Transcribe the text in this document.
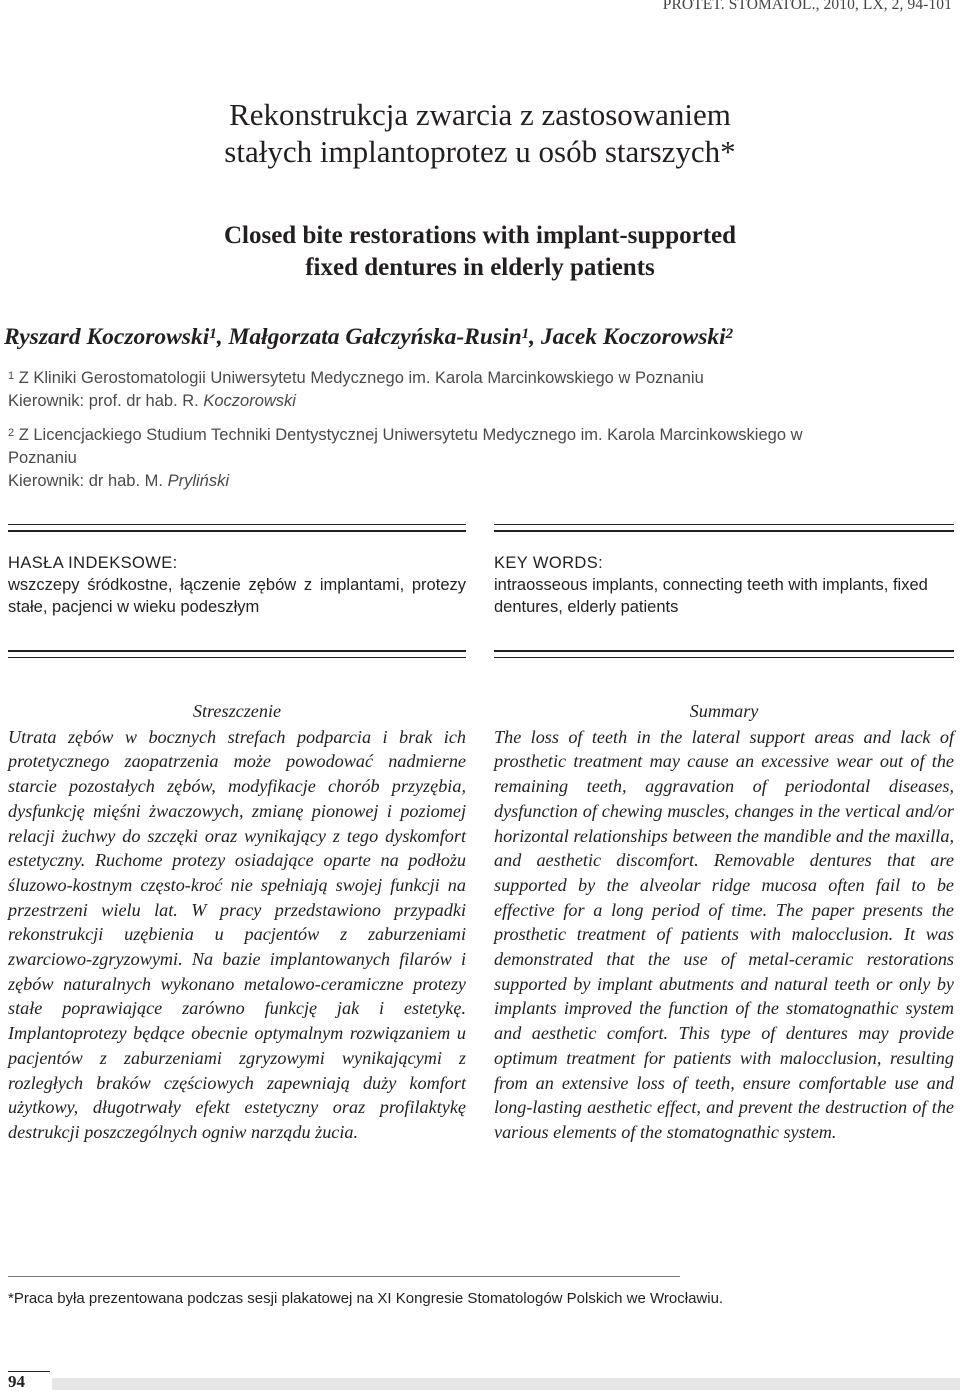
PROTET. STOMATOL., 2010, LX, 2, 94-101
Rekonstrukcja zwarcia z zastosowaniem
stałych implantoprotez u osób starszych*
Closed bite restorations with implant-supported
fixed dentures in elderly patients
Ryszard Koczorowski$^1$, Małgorzata Gałczyńska-Rusin$^1$, Jacek Koczorowski$^2$
$^1$ Z Kliniki Gerostomatologii Uniwersytetu Medycznego im. Karola Marcinkowskiego w Poznaniu
Kierownik: prof. dr hab. R. Koczorowski
$^2$ Z Licencjackiego Studium Techniki Dentystycznej Uniwersytetu Medycznego im. Karola Marcinkowskiego w
Poznaniu
Kierownik: dr hab. M. Pryliński
HASŁA INDEKSOWE:
wszczepy śródkostne, łączenie zębów z implantami, protezy stałe, pacjenci w wieku podeszłym
KEY WORDS:
intraosseous implants, connecting teeth with implants, fixed dentures, elderly patients
Streszczenie
Utrata zębów w bocznych strefach podparcia i brak ich protetycznego zaopatrzenia może powodować nadmierne starcie pozostałych zębów, modyfikacje chorób przyzębia, dysfunkcję mięśni żwaczowych, zmianę pionowej i poziomej relacji żuchwy do szczęki oraz wynikający z tego dyskomfort estetyczny. Ruchome protezy osiadające oparte na podłożu śluzowo-kostnym często-kroć nie spełniają swojej funkcji na przestrzeni wielu lat. W pracy przedstawiono przypadki rekonstrukcji uzębienia u pacjentów z zaburzeniami zwarciowo-zgryzowymi. Na bazie implantowanych filarów i zębów naturalnych wykonano metalowo-ceramiczne protezy stałe poprawiające zarówno funkcję jak i estetykę. Implantoprotezy będące obecnie optymalnym rozwiązaniem u pacjentów z zaburzeniami zgryzowymi wynikającymi z rozległych braków częściowych zapewniają duży komfort użytkowy, długotrwały efekt estetyczny oraz profilaktykę destrukcji poszczególnych ogniw narządu żucia.
Summary
The loss of teeth in the lateral support areas and lack of prosthetic treatment may cause an excessive wear out of the remaining teeth, aggravation of periodontal diseases, dysfunction of chewing muscles, changes in the vertical and/or horizontal relationships between the mandible and the maxilla, and aesthetic discomfort. Removable dentures that are supported by the alveolar ridge mucosa often fail to be effective for a long period of time. The paper presents the prosthetic treatment of patients with malocclusion. It was demonstrated that the use of metal-ceramic restorations supported by implant abutments and natural teeth or only by implants improved the function of the stomatognathic system and aesthetic comfort. This type of dentures may provide optimum treatment for patients with malocclusion, resulting from an extensive loss of teeth, ensure comfortable use and long-lasting aesthetic effect, and prevent the destruction of the various elements of the stomatognathic system.
*Praca była prezentowana podczas sesji plakatowej na XI Kongresie Stomatologów Polskich we Wrocławiu.
94
